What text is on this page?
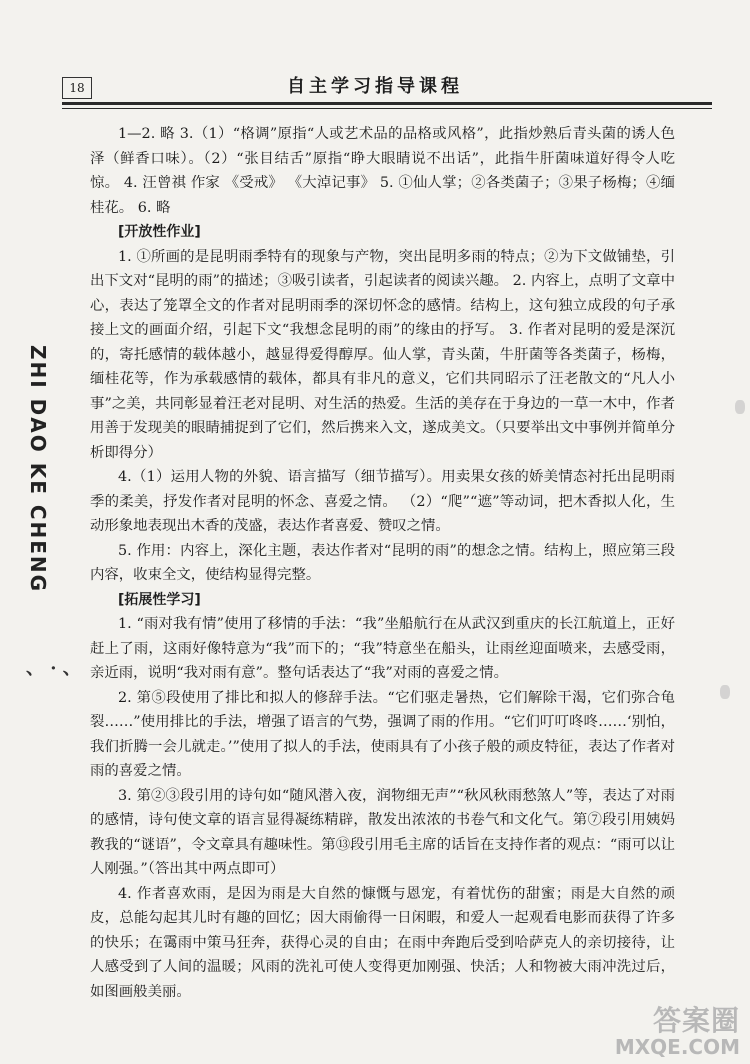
18	自主学习指导课程
ZHI DAO KE CHENG
、 · 、

1—2. 略 3.（1）“格调”原指“人或艺术品的品格或风格”，此指炒熟后青头菌的诱人色泽（鲜香口味）。（2）“张目结舌”原指“睁大眼睛说不出话”，此指牛肝菌味道好得令人吃惊。 4. 汪曾祺 作家 《受戒》 《大淖记事》 5. ①仙人掌；②各类菌子；③果子杨梅；④缅桂花。 6. 略

[开放性作业]

1. ①所画的是昆明雨季特有的现象与产物，突出昆明多雨的特点；②为下文做铺垫，引出下文对“昆明的雨”的描述；③吸引读者，引起读者的阅读兴趣。 2. 内容上，点明了文章中心，表达了笼罩全文的作者对昆明雨季的深切怀念的感情。结构上，这句独立成段的句子承接上文的画面介绍，引起下文“我想念昆明的雨”的缘由的抒写。 3. 作者对昆明的爱是深沉的，寄托感情的载体越小，越显得爱得醇厚。仙人掌，青头菌，牛肝菌等各类菌子，杨梅，缅桂花等，作为承载感情的载体，都具有非凡的意义，它们共同昭示了汪老散文的“凡人小事”之美，共同彰显着汪老对昆明、对生活的热爱。生活的美存在于身边的一草一木中，作者用善于发现美的眼睛捕捉到了它们，然后携来入文，遂成美文。（只要举出文中事例并简单分析即得分）

4.（1）运用人物的外貌、语言描写（细节描写）。用卖果女孩的娇美情态衬托出昆明雨季的柔美，抒发作者对昆明的怀念、喜爱之情。 （2）“爬”“遮”等动词，把木香拟人化，生动形象地表现出木香的茂盛，表达作者喜爱、赞叹之情。

5. 作用：内容上，深化主题，表达作者对“昆明的雨”的想念之情。结构上，照应第三段内容，收束全文，使结构显得完整。

[拓展性学习]

1. “雨对我有情”使用了移情的手法：“我”坐船航行在从武汉到重庆的长江航道上，正好赶上了雨，这雨好像特意为“我”而下的；“我”特意坐在船头，让雨丝迎面喷来，去感受雨，亲近雨，说明“我对雨有意”。整句话表达了“我”对雨的喜爱之情。

2. 第⑤段使用了排比和拟人的修辞手法。“它们驱走暑热，它们解除干渴，它们弥合龟裂……”使用排比的手法，增强了语言的气势，强调了雨的作用。“它们叮叮咚咚……‘别怕，我们折腾一会儿就走。’”使用了拟人的手法，使雨具有了小孩子般的顽皮特征，表达了作者对雨的喜爱之情。

3. 第②③段引用的诗句如“随风潜入夜，润物细无声”“秋风秋雨愁煞人”等，表达了对雨的感情，诗句使文章的语言显得凝练精辟，散发出浓浓的书卷气和文化气。第⑦段引用姨妈教我的“谜语”，令文章具有趣味性。第⑬段引用毛主席的话旨在支持作者的观点：“雨可以让人刚强。”（答出其中两点即可）

4. 作者喜欢雨，是因为雨是大自然的慷慨与恩宠，有着忧伤的甜蜜；雨是大自然的顽皮，总能勾起其儿时有趣的回忆；因大雨偷得一日闲暇，和爱人一起观看电影而获得了许多的快乐；在霭雨中策马狂奔，获得心灵的自由；在雨中奔跑后受到哈萨克人的亲切接待，让人感受到了人间的温暖；风雨的洗礼可使人变得更加刚强、快活；人和物被大雨冲洗过后，如图画般美丽。

答案圈
MXQE.COM
